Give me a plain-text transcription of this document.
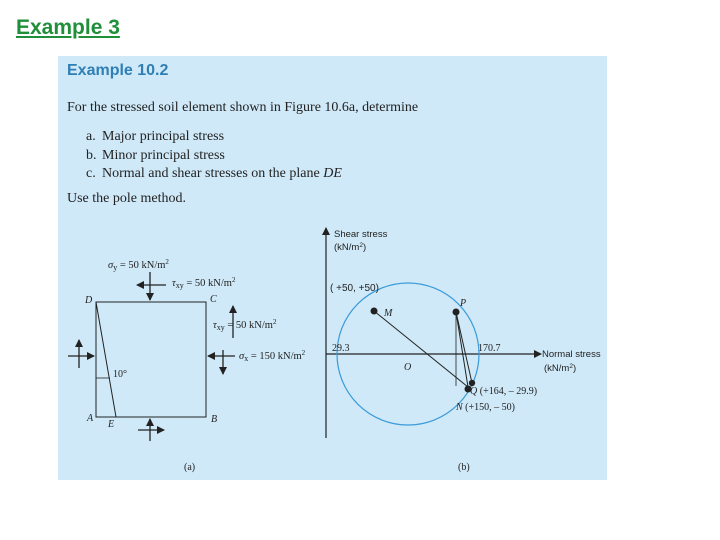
Example 3
Example 10.2
For the stressed soil element shown in Figure 10.6a, determine
a. Major principal stress
b. Minor principal stress
c. Normal and shear stresses on the plane DE
Use the pole method.
σy = 50 $kN/m^2$
τxy = 50 $kN/m^2$
10°
D	C
A	B
E
τxy = 50 $kN/m^2$
σx = 150 $kN/m^2$
(a)
Shear stress
$(kN/m^2)$
Normal stress
$(kN/m^2)$
( +50, +50)
M
P
O
29.3	170.7
Q (+164, – 29.9)
N (+150, – 50)
(b)
